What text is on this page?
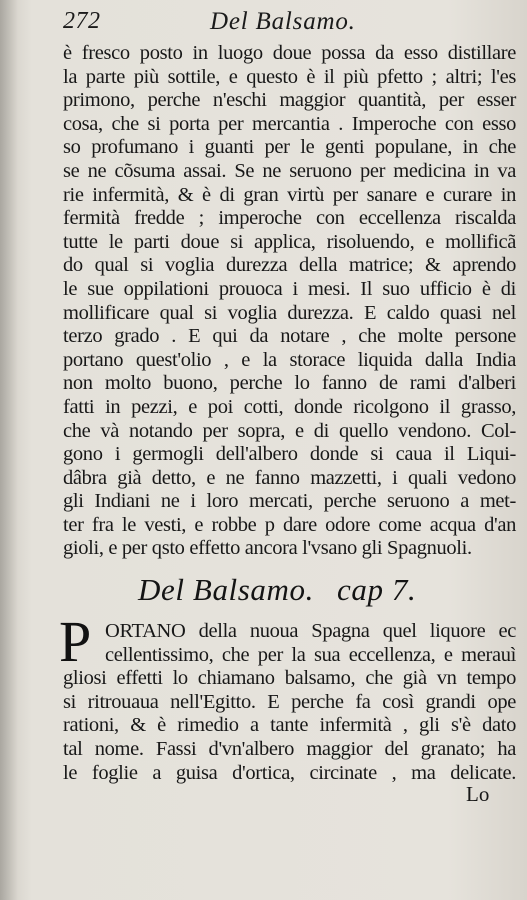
272	Del Balsamo.
è fresco posto in luogo doue possa da esso distillare
la parte più sottile, e questo è il più pfetto ; altri; l'es
primono, perche n'eschi maggior quantità, per esser
cosa, che si porta per mercantia . Imperoche con esso
so profumano i guanti per le genti populane, in che
se ne cõsuma assai. Se ne seruono per medicina in va
rie infermità, & è di gran virtù per sanare e curare in
fermità fredde ; imperoche con eccellenza riscalda
tutte le parti doue si applica, risoluendo, e mollificã
do qual si voglia durezza della matrice; & aprendo
le sue oppilationi prouoca i mesi. Il suo ufficio è di
mollificare qual si voglia durezza. E caldo quasi nel
terzo grado . E qui da notare , che molte persone
portano quest'olio , e la storace liquida dalla India
non molto buono, perche lo fanno de rami d'alberi
fatti in pezzi, e poi cotti, donde ricolgono il grasso,
che và notando per sopra, e di quello vendono. Col-
gono i germogli dell'albero donde si caua il Liqui-
dâbra già detto, e ne fanno mazzetti, i quali vedono
gli Indiani ne i loro mercati, perche seruono a met-
ter fra le vesti, e robbe p dare odore come acqua d'an
gioli, e per qsto effetto ancora l'vsano gli Spagnuoli.
Del Balsamo. cap 7.
P ORTANO della nuoua Spagna quel liquore ec
cellentissimo, che per la sua eccellenza, e merauì
gliosi effetti lo chiamano balsamo, che già vn tempo
si ritrouaua nell'Egitto. E perche fa così grandi ope
rationi, & è rimedio a tante infermità , gli s'è dato
tal nome. Fassi d'vn'albero maggior del granato; ha
le foglie a guisa d'ortica, circinate , ma delicate.
Lo
